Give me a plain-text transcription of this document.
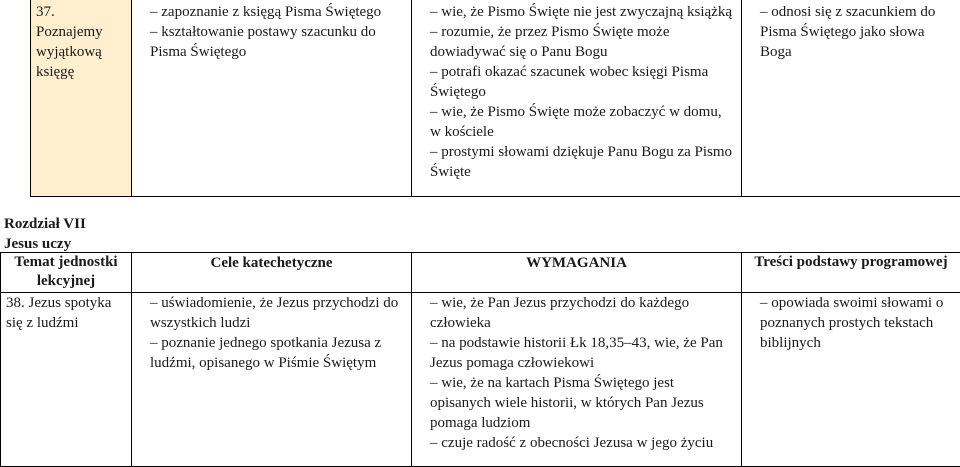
37. Poznajemy wyjątkową księgę
– zapoznanie z księgą Pisma Świętego
– kształtowanie postawy szacunku do Pisma Świętego
– wie, że Pismo Święte nie jest zwyczajną książką
– rozumie, że przez Pismo Święte może dowiadywać się o Panu Bogu
– potrafi okazać szacunek wobec księgi Pisma Świętego
– wie, że Pismo Święte może zobaczyć w domu, w kościele
– prostymi słowami dziękuje Panu Bogu za Pismo Święte
– odnosi się z szacunkiem do Pisma Świętego jako słowa Boga
Rozdział VII
Jesus uczy
Temat jednostki lekcyjnej
Cele katechetyczne	WYMAGANIA	Treści podstawy programowej
38. Jezus spotyka się z ludźmi
– uświadomienie, że Jezus przychodzi do wszystkich ludzi
– poznanie jednego spotkania Jezusa z ludźmi, opisanego w Piśmie Świętym
– wie, że Pan Jezus przychodzi do każdego człowieka
– na podstawie historii Łk 18,35–43, wie, że Pan Jezus pomaga człowiekowi
– wie, że na kartach Pisma Świętego jest opisanych wiele historii, w których Pan Jezus pomaga ludziom
– czuje radość z obecności Jezusa w jego życiu
– opowiada swoimi słowami o poznanych prostych tekstach biblijnych
